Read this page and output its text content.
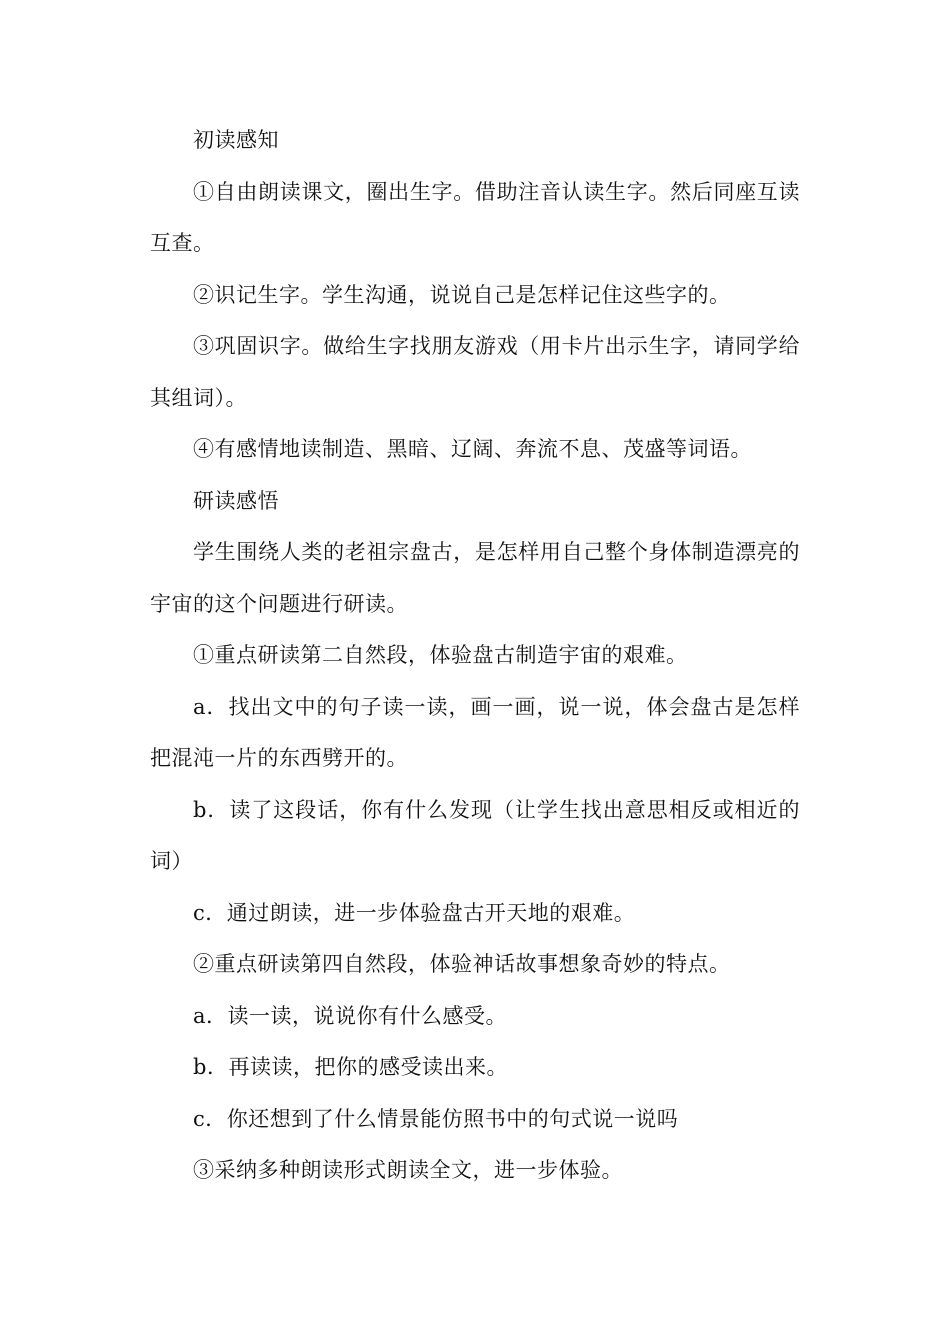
初读感知

①自由朗读课文，圈出生字。借助注音认读生字。然后同座互读互查。

②识记生字。学生沟通，说说自己是怎样记住这些字的。

③巩固识字。做给生字找朋友游戏（用卡片出示生字，请同学给其组词）。

④有感情地读制造、黑暗、辽阔、奔流不息、茂盛等词语。

研读感悟

学生围绕人类的老祖宗盘古，是怎样用自己整个身体制造漂亮的宇宙的这个问题进行研读。

①重点研读第二自然段，体验盘古制造宇宙的艰难。

a．找出文中的句子读一读，画一画，说一说，体会盘古是怎样把混沌一片的东西劈开的。

b．读了这段话，你有什么发现（让学生找出意思相反或相近的词）

c．通过朗读，进一步体验盘古开天地的艰难。

②重点研读第四自然段，体验神话故事想象奇妙的特点。

a．读一读，说说你有什么感受。

b．再读读，把你的感受读出来。

c．你还想到了什么情景能仿照书中的句式说一说吗

③采纳多种朗读形式朗读全文，进一步体验。
